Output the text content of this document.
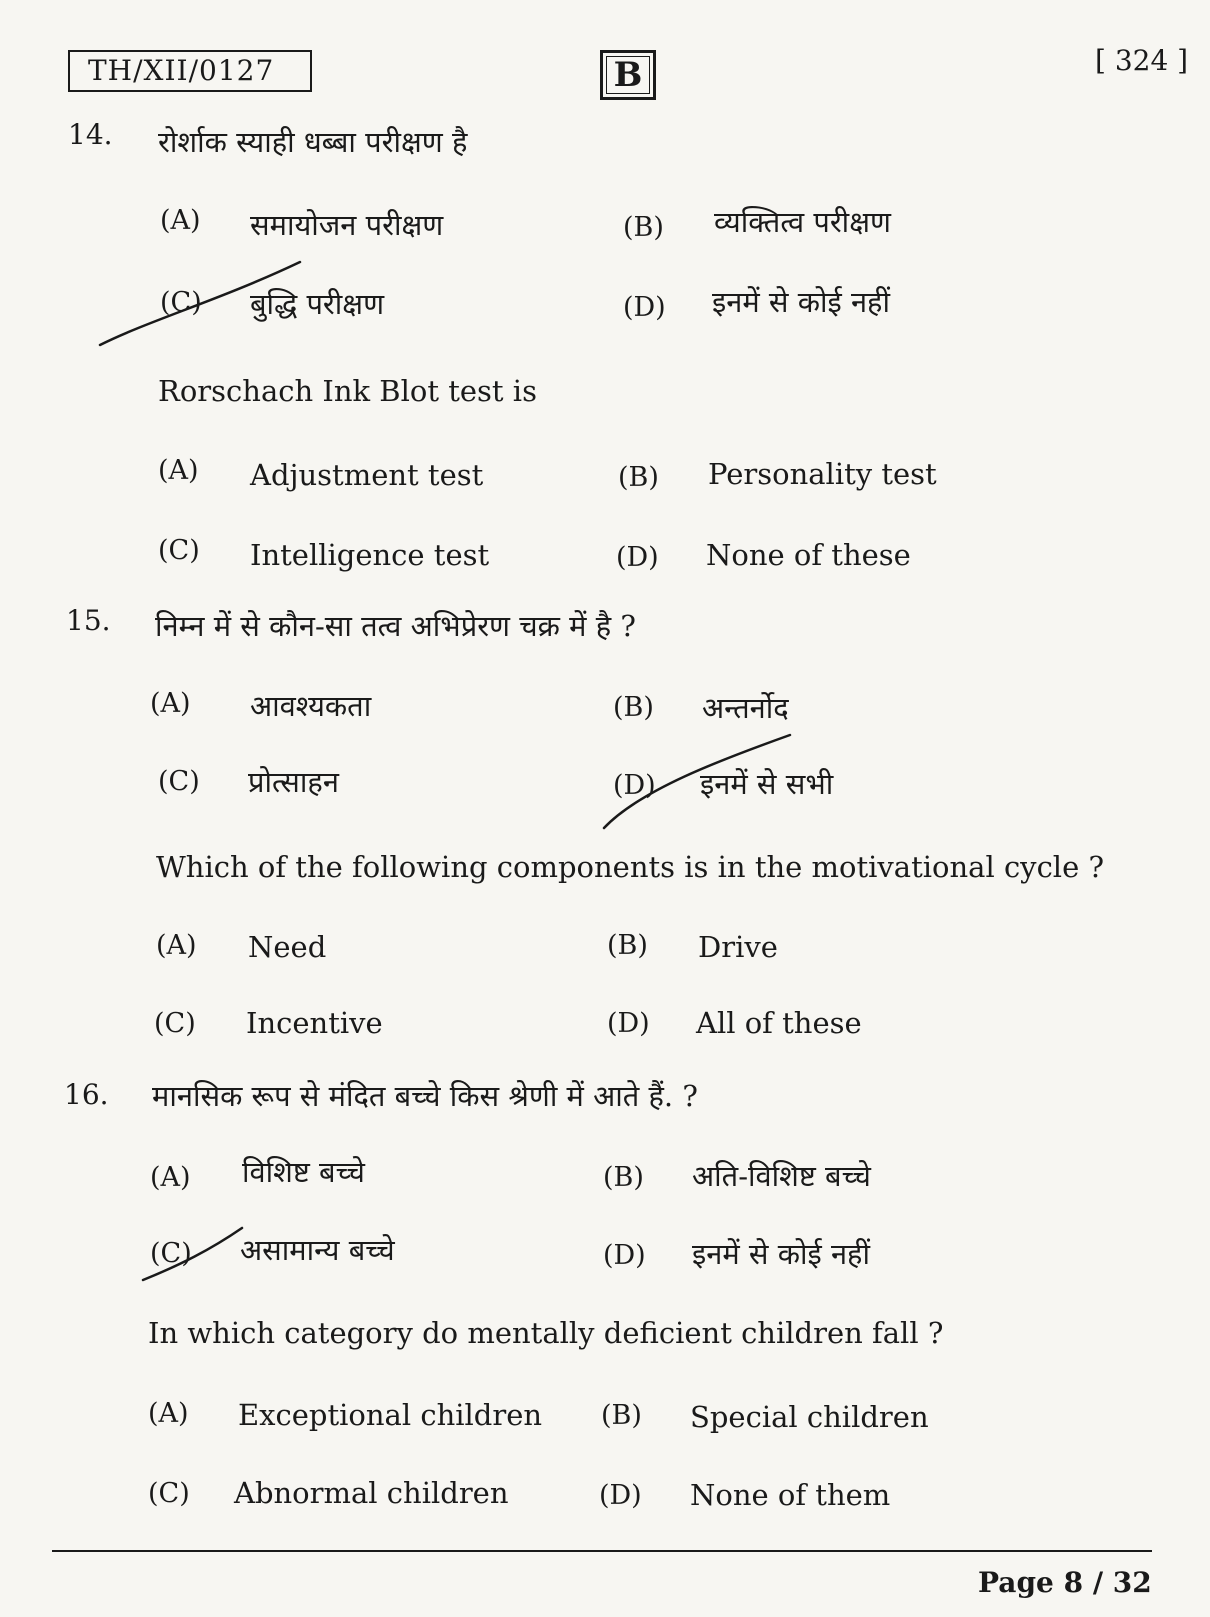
TH/XII/0127	B	[ 324 ]
14. रोर्शाक स्याही धब्बा परीक्षण है
(A) समायोजन परीक्षण	(B) व्यक्तित्व परीक्षण
(C) बुद्धि परीक्षण	(D) इनमें से कोई नहीं
Rorschach Ink Blot test is
(A) Adjustment test	(B) Personality test
(C) Intelligence test	(D) None of these
15. निम्न में से कौन-सा तत्व अभिप्रेरण चक्र में है ?
(A) आवश्यकता	(B) अन्तर्नोद
(C) प्रोत्साहन	(D) इनमें से सभी
Which of the following components is in the motivational cycle ?
(A) Need	(B) Drive
(C) Incentive	(D) All of these
16. मानसिक रूप से मंदित बच्चे किस श्रेणी में आते हैं. ?
(A) विशिष्ट बच्चे	(B) अति-विशिष्ट बच्चे
(C) असामान्य बच्चे	(D) इनमें से कोई नहीं
In which category do mentally deficient children fall ?
(A) Exceptional children (B) Special children
(C) Abnormal children	(D) None of them
Page 8 / 32
